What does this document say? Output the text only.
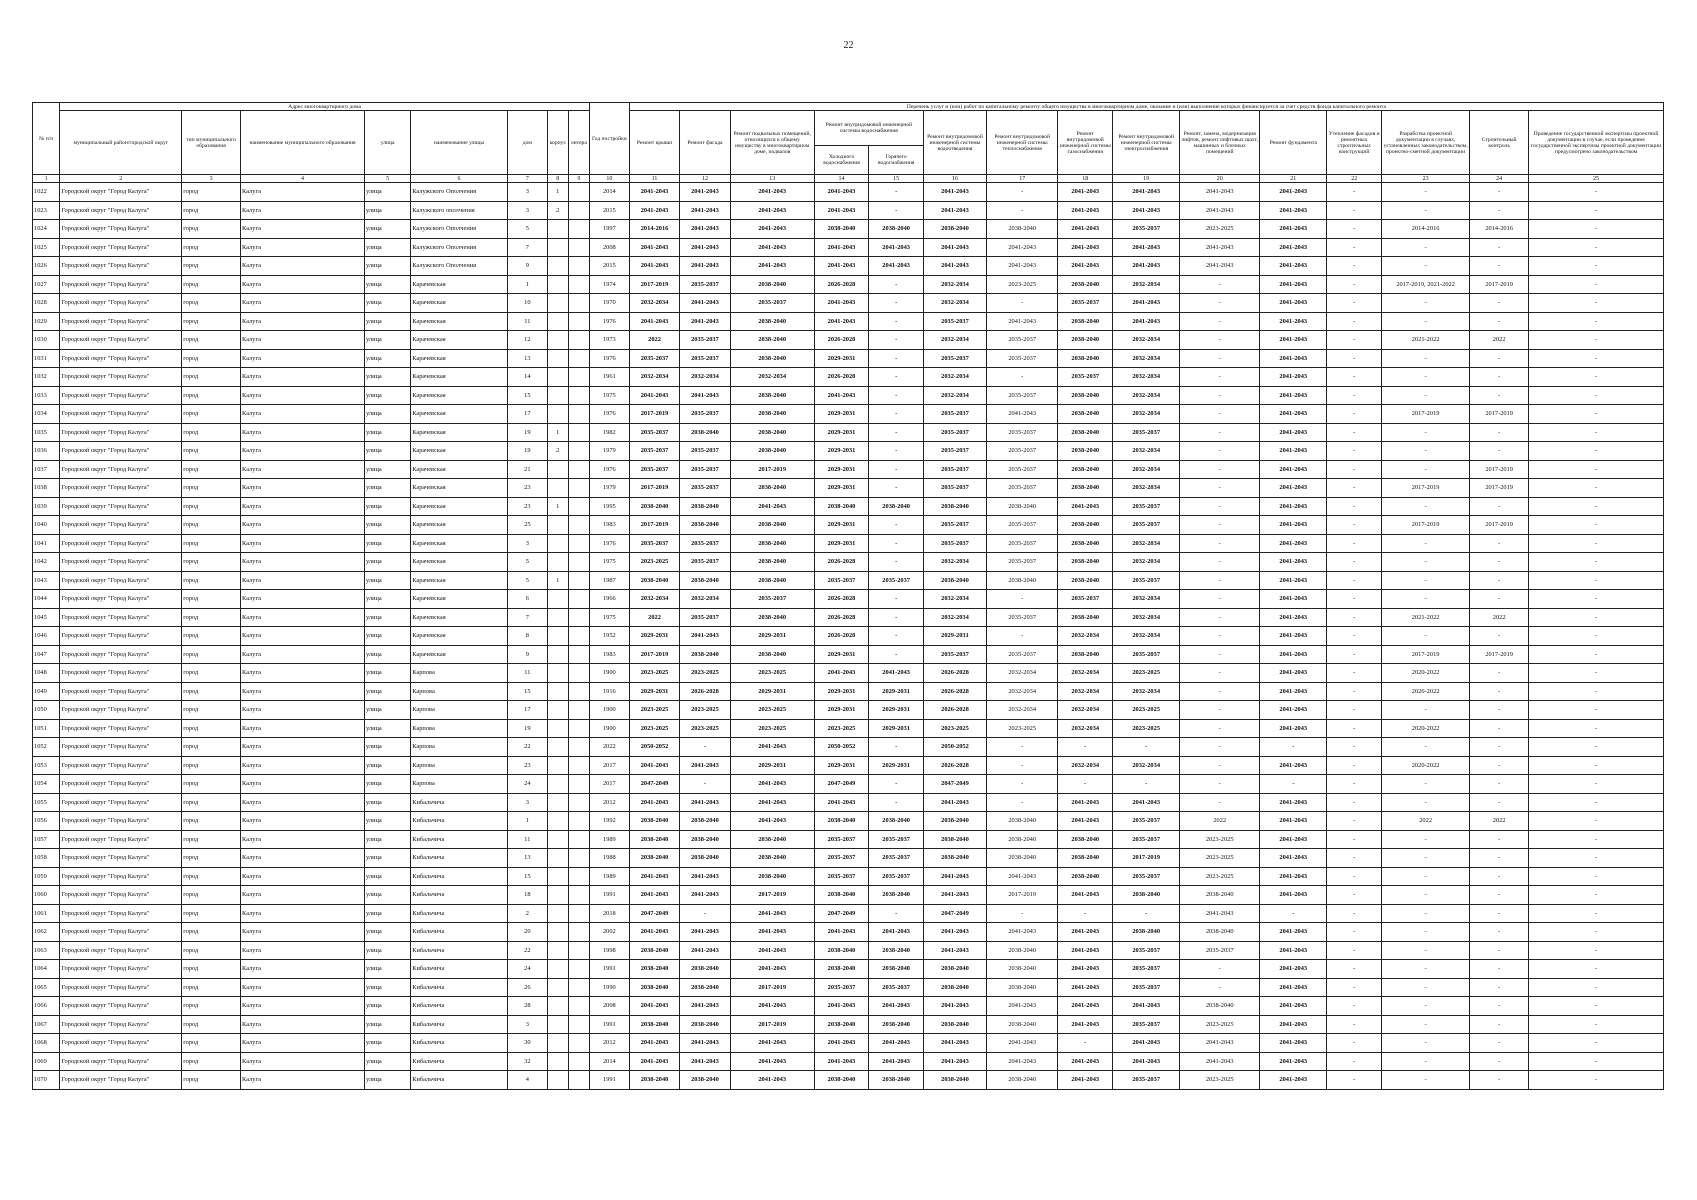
22
№ п/п	Адрес многоквартирного дома								Год постройки	Перечень услуг и (или) работ по капитальному ремонту общего имущества в многоквартирном доме, оказание и (или) выполнение которых финансируется за счет средств фонда капитального ремонта														
	муниципальный район/городской округ	тип муниципального образования	наименование муниципального образования	улица	наименование улицы	дом	корпус	литера		Ремонт крыши	Ремонт фасада	Ремонт подвальных помещений, относящихся к общему имуществу в многоквартирном доме, подвалов	Ремонт внутридомовой инженерной системы водоснабжения		Ремонт внутридомовой инженерной системы водоотведения	Ремонт внутридомовой инженерной системы теплоснабжения	Ремонт внутридомовой инженерной системы газоснабжения	Ремонт внутридомовой инженерной системы электроснабжения	Ремонт, замена, модернизация лифтов, ремонт лифтовых шахт, машинных и блочных помещений	Ремонт фундамента	Утепление фасадов и ремонтных строительных конструкций	Разработка проектной документации в случаях, установленных законодательством, проектно-сметной документации	Строительный контроль	Проведение государственной экспертизы проектной документации в случае, если проведение государственной экспертизы проектной документации предусмотрено законодательством
													Холодного водоснабжения	Горячего водоснабжения										
1	2	3	4	5	6	7	8	9	10	11	12	13	14	15	16	17	18	19	20	21	22	23	24	25
1022	Городской округ "Город Калуга"	город	Калуга	улица	Калужского Ополчения	3	1		2014	2041-2043	2041-2043	2041-2043	2041-2043	-	2041-2043	-	2041-2043	2041-2043	2041-2043	2041-2043	-	-	-	-
1023	Городской округ "Город Калуга"	город	Калуга	улица	Калужского ополчения	3	2		2015	2041-2043	2041-2043	2041-2043	2041-2043	-	2041-2043	-	2041-2043	2041-2043	2041-2043	2041-2043	-	-	-	-
1024	Городской округ "Город Калуга"	город	Калуга	улица	Калужского Ополчения	5			1997	2014-2016	2041-2043	2041-2043	2038-2040	2038-2040	2038-2040	2038-2040	2041-2043	2035-2037	2023-2025	2041-2043	-	2014-2016	2014-2016	-
1025	Городской округ "Город Калуга"	город	Калуга	улица	Калужского Ополчения	7			2008	2041-2043	2041-2043	2041-2043	2041-2043	2041-2043	2041-2043	2041-2043	2041-2043	2041-2043	2041-2043	2041-2043	-	-	-	-
1026	Городской округ "Город Калуга"	город	Калуга	улица	Калужского Ополчения	9			2015	2041-2043	2041-2043	2041-2043	2041-2043	2041-2043	2041-2043	2041-2043	2041-2043	2041-2043	2041-2043	2041-2043	-	-	-	-
1027	Городской округ "Город Калуга"	город	Калуга	улица	Карачевская	1			1974	2017-2019	2035-2037	2038-2040	2026-2028	-	2032-2034	2023-2025	2038-2040	2032-2034	-	2041-2043	-	2017-2019, 2021-2022	2017-2019	-
1028	Городской округ "Город Калуга"	город	Калуга	улица	Карачевская	10			1970	2032-2034	2041-2043	2035-2037	2041-2043	-	2032-2034	-	2035-2037	2041-2043	-	2041-2043	-	-	-	-
1029	Городской округ "Город Калуга"	город	Калуга	улица	Карачевская	11			1976	2041-2043	2041-2043	2038-2040	2041-2043	-	2035-2037	2041-2043	2038-2040	2041-2043	-	2041-2043	-	-	-	-
1030	Городской округ "Город Калуга"	город	Калуга	улица	Карачевская	12			1973	2022	2035-2037	2038-2040	2026-2028	-	2032-2034	2035-2037	2038-2040	2032-2034	-	2041-2043	-	2021-2022	2022	-
1031	Городской округ "Город Калуга"	город	Калуга	улица	Карачевская	13			1976	2035-2037	2035-2037	2038-2040	2029-2031	-	2035-2037	2035-2037	2038-2040	2032-2034	-	2041-2043	-	-	-	-
1032	Городской округ "Город Калуга"	город	Калуга	улица	Карачевская	14			1961	2032-2034	2032-2034	2032-2034	2026-2028	-	2032-2034	-	2035-2037	2032-2034	-	2041-2043	-	-	-	-
1033	Городской округ "Город Калуга"	город	Калуга	улица	Карачевская	15			1975	2041-2043	2041-2043	2038-2040	2041-2043	-	2032-2034	2035-2037	2038-2040	2032-2034	-	2041-2043	-	-	-	-
1034	Городской округ "Город Калуга"	город	Калуга	улица	Карачевская	17			1976	2017-2019	2035-2037	2038-2040	2029-2031	-	2035-2037	2041-2043	2038-2040	2032-2034	-	2041-2043	-	2017-2019	2017-2019	-
1035	Городской округ "Город Калуга"	город	Калуга	улица	Карачевская	19	1		1982	2035-2037	2038-2040	2038-2040	2029-2031	-	2035-2037	2035-2037	2038-2040	2035-2037	-	2041-2043	-	-	-	-
1036	Городской округ "Город Калуга"	город	Калуга	улица	Карачевская	19	2		1979	2035-2037	2035-2037	2038-2040	2029-2031	-	2035-2037	2035-2037	2038-2040	2032-2034	-	2041-2043	-	-	-	-
1037	Городской округ "Город Калуга"	город	Калуга	улица	Карачевская	21			1976	2035-2037	2035-2037	2017-2019	2029-2031	-	2035-2037	2035-2037	2038-2040	2032-2034	-	2041-2043	-	-	2017-2019	-
1038	Городской округ "Город Калуга"	город	Калуга	улица	Карачевская	23			1979	2017-2019	2035-2037	2038-2040	2029-2031	-	2035-2037	2035-2037	2038-2040	2032-2034	-	2041-2043	-	2017-2019	2017-2019	-
1039	Городской округ "Город Калуга"	город	Калуга	улица	Карачевская	23	1		1995	2038-2040	2038-2040	2041-2043	2038-2040	2038-2040	2038-2040	2038-2040	2041-2043	2035-2037	-	2041-2043	-	-	-	-
1040	Городской округ "Город Калуга"	город	Калуга	улица	Карачевская	25			1983	2017-2019	2038-2040	2038-2040	2029-2031	-	2035-2037	2035-2037	2038-2040	2035-2037	-	2041-2043	-	2017-2019	2017-2019	-
1041	Городской округ "Город Калуга"	город	Калуга	улица	Карачевская	3			1976	2035-2037	2035-2037	2038-2040	2029-2031	-	2035-2037	2035-2037	2038-2040	2032-2034	-	2041-2043	-	-	-	-
1042	Городской округ "Город Калуга"	город	Калуга	улица	Карачевская	5			1975	2023-2025	2035-2037	2038-2040	2026-2028	-	2032-2034	2035-2037	2038-2040	2032-2034	-	2041-2043	-	-	-	-
1043	Городской округ "Город Калуга"	город	Калуга	улица	Карачевская	5	1		1987	2038-2040	2038-2040	2038-2040	2035-2037	2035-2037	2038-2040	2038-2040	2038-2040	2035-2037	-	2041-2043	-	-	-	-
1044	Городской округ "Город Калуга"	город	Калуга	улица	Карачевская	6			1966	2032-2034	2032-2034	2035-2037	2026-2028	-	2032-2034	-	2035-2037	2032-2034	-	2041-2043	-	-	-	-
1045	Городской округ "Город Калуга"	город	Калуга	улица	Карачевская	7			1975	2022	2035-2037	2038-2040	2026-2028	-	2032-2034	2035-2037	2038-2040	2032-2034	-	2041-2043	-	2021-2022	2022	-
1046	Городской округ "Город Калуга"	город	Калуга	улица	Карачевская	8			1952	2029-2031	2041-2043	2029-2031	2026-2028	-	2029-2031	-	2032-2034	2032-2034	-	2041-2043	-	-	-	-
1047	Городской округ "Город Калуга"	город	Калуга	улица	Карачевская	9			1983	2017-2019	2038-2040	2038-2040	2029-2031	-	2035-2037	2035-2037	2038-2040	2035-2037	-	2041-2043	-	2017-2019	2017-2019	-
1048	Городской округ "Город Калуга"	город	Калуга	улица	Карпова	11			1900	2023-2025	2023-2025	2023-2025	2041-2043	2041-2043	2026-2028	2032-2034	2032-2034	2023-2025	-	2041-2043	-	2020-2022	-	-
1049	Городской округ "Город Калуга"	город	Калуга	улица	Карпова	15			1916	2029-2031	2026-2028	2029-2031	2029-2031	2029-2031	2026-2028	2032-2034	2032-2034	2032-2034	-	2041-2043	-	2020-2022	-	-
1050	Городской округ "Город Калуга"	город	Калуга	улица	Карпова	17			1900	2023-2025	2023-2025	2023-2025	2029-2031	2029-2031	2026-2028	2032-2034	2032-2034	2023-2025	-	2041-2043	-	-	-	-
1051	Городской округ "Город Калуга"	город	Калуга	улица	Карпова	19			1900	2023-2025	2023-2025	2023-2025	2023-2025	2029-2031	2023-2025	2023-2025	2032-2034	2023-2025	-	2041-2043	-	2020-2022	-	-
1052	Городской округ "Город Калуга"	город	Калуга	улица	Карпова	22			2022	2050-2052	-	2041-2043	2050-2052	-	2050-2052	-	-	-	-	-	-	-	-	-
1053	Городской округ "Город Калуга"	город	Калуга	улица	Карпова	23			2017	2041-2043	2041-2043	2029-2031	2029-2031	2029-2031	2026-2028	-	2032-2034	2032-2034	-	2041-2043	-	2020-2022	-	-
1054	Городской округ "Город Калуга"	город	Калуга	улица	Карпова	24			2017	2047-2049	-	2041-2043	2047-2049	-	2047-2049	-	-	-	-	-	-	-	-	-
1055	Городской округ "Город Калуга"	город	Калуга	улица	Кибальчича	3			2012	2041-2043	2041-2043	2041-2043	2041-2043	-	2041-2043	-	2041-2043	2041-2043	-	2041-2043	-	-	-	-
1056	Городской округ "Город Калуга"	город	Калуга	улица	Кибальчича	1			1992	2038-2040	2038-2040	2041-2043	2038-2040	2038-2040	2038-2040	2038-2040	2041-2043	2035-2037	2022	2041-2043	-	2022	2022	-
1057	Городской округ "Город Калуга"	город	Калуга	улица	Кибальчича	11			1989	2038-2040	2038-2040	2038-2040	2035-2037	2035-2037	2038-2040	2038-2040	2038-2040	2035-2037	2023-2025	2041-2043	-	-	-	-
1058	Городской округ "Город Калуга"	город	Калуга	улица	Кибальчича	13			1988	2038-2040	2038-2040	2038-2040	2035-2037	2035-2037	2038-2040	2038-2040	2038-2040	2017-2019	2023-2025	2041-2043	-	-	-	-
1059	Городской округ "Город Калуга"	город	Калуга	улица	Кибальчича	15			1989	2041-2043	2041-2043	2038-2040	2035-2037	2035-2037	2041-2043	2041-2043	2038-2040	2035-2037	2023-2025	2041-2043	-	-	-	-
1060	Городской округ "Город Калуга"	город	Калуга	улица	Кибальчича	18			1991	2041-2043	2041-2043	2017-2019	2038-2040	2038-2040	2041-2043	2017-2019	2041-2043	2038-2040	2038-2040	2041-2043	-	-	-	-
1061	Городской округ "Город Калуга"	город	Калуга	улица	Кибальчича	2			2018	2047-2049	-	2041-2043	2047-2049	-	2047-2049	-	-	-	2041-2043	-	-	-	-	-
1062	Городской округ "Город Калуга"	город	Калуга	улица	Кибальчича	20			2002	2041-2043	2041-2043	2041-2043	2041-2043	2041-2043	2041-2043	2041-2043	2041-2043	2038-2040	2038-2040	2041-2043	-	-	-	-
1063	Городской округ "Город Калуга"	город	Калуга	улица	Кибальчича	22			1998	2038-2040	2041-2043	2041-2043	2038-2040	2038-2040	2041-2043	2038-2040	2041-2043	2035-2037	2035-2037	2041-2043	-	-	-	-
1064	Городской округ "Город Калуга"	город	Калуга	улица	Кибальчича	24			1991	2038-2040	2038-2040	2041-2043	2038-2040	2038-2040	2038-2040	2038-2040	2041-2043	2035-2037	-	2041-2043	-	-	-	-
1065	Городской округ "Город Калуга"	город	Калуга	улица	Кибальчича	26			1990	2038-2040	2038-2040	2017-2019	2035-2037	2035-2037	2038-2040	2038-2040	2041-2043	2035-2037	-	2041-2043	-	-	-	-
1066	Городской округ "Город Калуга"	город	Калуга	улица	Кибальчича	28			2008	2041-2043	2041-2043	2041-2043	2041-2043	2041-2043	2041-2043	2041-2043	2041-2043	2041-2043	2038-2040	2041-2043	-	-	-	-
1067	Городской округ "Город Калуга"	город	Калуга	улица	Кибальчича	3			1991	2038-2040	2038-2040	2017-2019	2038-2040	2038-2040	2038-2040	2038-2040	2041-2043	2035-2037	2023-2025	2041-2043	-	-	-	-
1068	Городской округ "Город Калуга"	город	Калуга	улица	Кибальчича	30			2012	2041-2043	2041-2043	2041-2043	2041-2043	2041-2043	2041-2043	2041-2043	-	2041-2043	2041-2043	2041-2043	-	-	-	-
1069	Городской округ "Город Калуга"	город	Калуга	улица	Кибальчича	32			2014	2041-2043	2041-2043	2041-2043	2041-2043	2041-2043	2041-2043	2041-2043	2041-2043	2041-2043	2041-2043	2041-2043	-	-	-	-
1070	Городской округ "Город Калуга"	город	Калуга	улица	Кибальчича	4			1991	2038-2040	2038-2040	2041-2043	2038-2040	2038-2040	2038-2040	2038-2040	2041-2043	2035-2037	2023-2025	2041-2043	-	-	-	-
